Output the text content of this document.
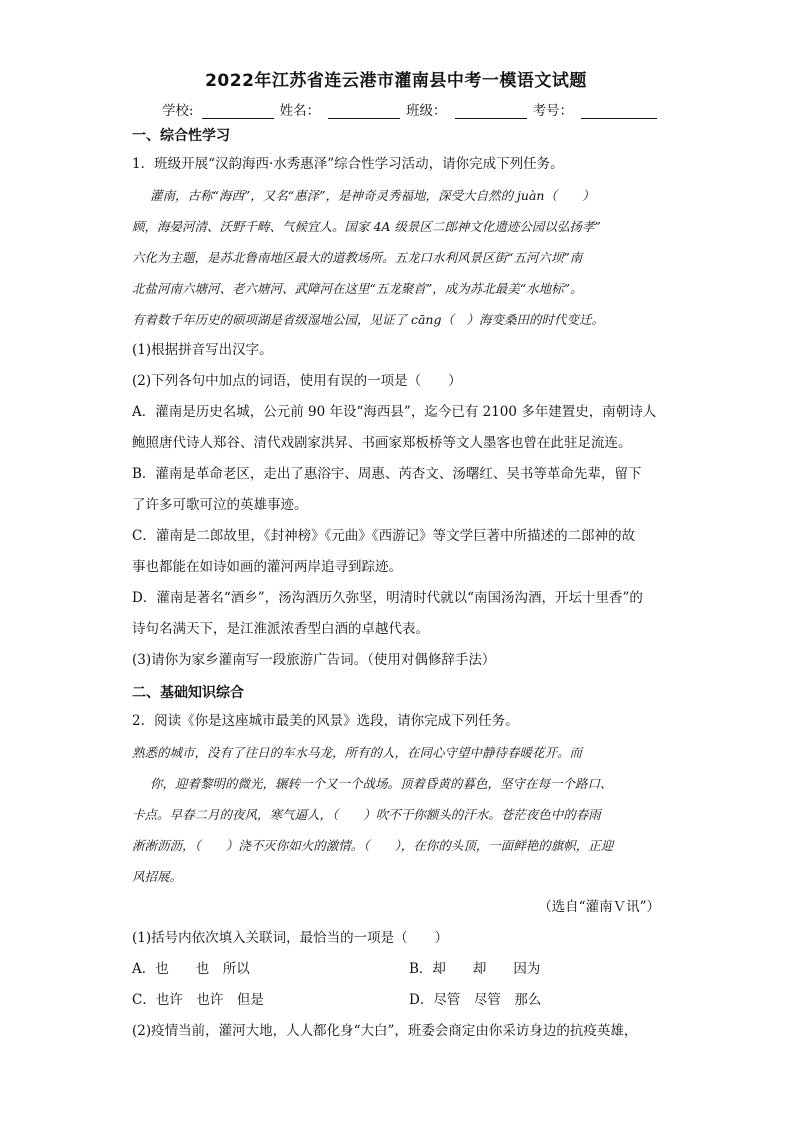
2022年江苏省连云港市灌南县中考一模语文试题
学校:	姓名：	班级：	考号：
一、综合性学习

1．班级开展“汉韵海西·水秀惠泽”综合性学习活动，请你完成下列任务。

灌南，古称“海西”，又名“惠泽”，是神奇灵秀福地，深受大自然的 juàn（　　）
顾，海晏河清、沃野千畴、气候宜人。国家 4A 级景区二郎神文化遗迹公园以弘扬孝”
六化为主题，是苏北鲁南地区最大的道教场所。五龙口水利风景区街“五河六坝”南
北盐河南六塘河、老六塘河、武障河在这里“五龙聚首”，成为苏北最美“水地标”。
有着数千年历史的硕项湖是省级湿地公园，见证了 cāng（　）海变桑田的时代变迁。

(1)根据拼音写出汉字。

(2)下列各句中加点的词语，使用有误的一项是（　　）

A．灌南是历史名城，公元前 90 年设“海西县”，迄今已有 2100 多年建置史，南朝诗人

鲍照唐代诗人郑谷、清代戏剧家洪昇、书画家郑板桥等文人墨客也曾在此驻足流连。

B．灌南是革命老区，走出了惠浴宇、周惠、芮杏文、汤曙红、吴书等革命先辈，留下

了许多可歌可泣的英雄事迹。

C．灌南是二郎故里，《封神榜》《元曲》《西游记》等文学巨著中所描述的二郎神的故

事也都能在如诗如画的灌河两岸追寻到踪迹。

D．灌南是著名“酒乡”，汤沟酒历久弥坚，明清时代就以“南国汤沟酒，开坛十里香”的

诗句名满天下，是江淮派浓香型白酒的卓越代表。

(3)请你为家乡灌南写一段旅游广告词。（使用对偶修辞手法）

二、基础知识综合

2．阅读《你是这座城市最美的风景》选段，请你完成下列任务。

熟悉的城市，没有了往日的车水马龙，所有的人，在同心守望中静待春暖花开。而
你，迎着黎明的微光，辗转一个又一个战场。顶着昏黄的暮色，坚守在每一个路口、
卡点。早春二月的夜风，寒气逼人，（　　）吹不干你额头的汗水。苍茫夜色中的春雨
淅淅沥沥，（　　）浇不灭你如火的激情。（　　），在你的头顶，一面鲜艳的旗帜，正迎
风招展。

（选自“灌南Ｖ讯”）

(1)括号内依次填入关联词，最恰当的一项是（　　）

A．也　　也　所以	B．却　　却　　因为
C．也许　也许　但是	D．尽管　尽管　那么

(2)疫情当前，灌河大地，人人都化身“大白”，班委会商定由你采访身边的抗疫英雄，
